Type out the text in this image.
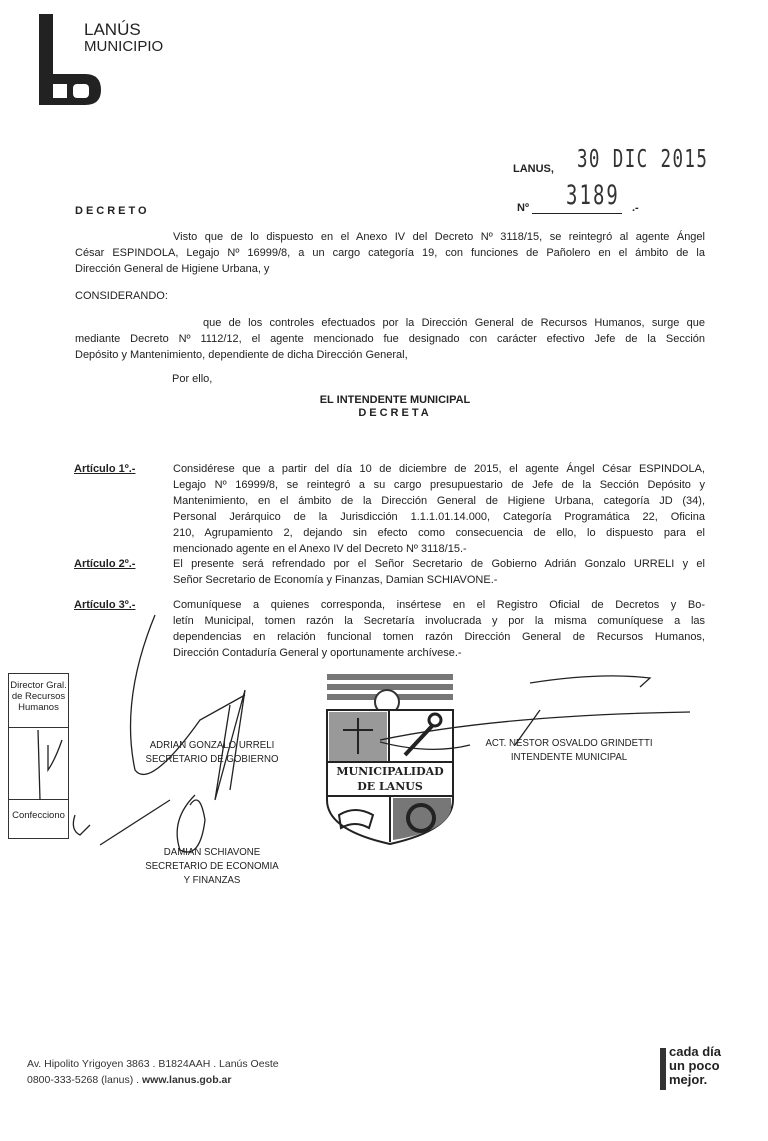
LANÚS
MUNICIPIO
LANUS, 30 DIC 2015
Nº 3189 .-
DECRETO
Visto que de lo dispuesto en el Anexo IV del Decreto Nº 3118/15, se reintegró al agente Ángel
César ESPINDOLA, Legajo Nº 16999/8, a un cargo categoría 19, con funciones de Pañolero en el ámbito de la
Dirección General de Higiene Urbana, y
CONSIDERANDO:
que de los controles efectuados por la Dirección General de Recursos Humanos, surge que
mediante Decreto Nº 1112/12, el agente mencionado fue designado con carácter efectivo Jefe de la Sección
Depósito y Mantenimiento, dependiente de dicha Dirección General,
Por ello,
EL INTENDENTE MUNICIPAL
DECRETA
Artículo 1º.-	Considérese que a partir del día 10 de diciembre de 2015, el agente Ángel César ESPINDOLA,
Legajo Nº 16999/8, se reintegró a su cargo presupuestario de Jefe de la Sección Depósito y
Mantenimiento, en el ámbito de la Dirección General de Higiene Urbana, categoría JD (34),
Personal Jerárquico de la Jurisdicción 1.1.1.01.14.000, Categoría Programática 22, Oficina
210, Agrupamiento 2, dejando sin efecto como consecuencia de ello, lo dispuesto para el
mencionado agente en el Anexo IV del Decreto Nº 3118/15.-
Artículo 2º.-	El presente será refrendado por el Señor Secretario de Gobierno Adrián Gonzalo URRELI y el
Señor Secretario de Economía y Finanzas, Damian SCHIAVONE.-
Artículo 3º.-	Comuníquese a quienes corresponda, insértese en el Registro Oficial de Decretos y Bo-
letín Municipal, tomen razón la Secretaría involucrada y por la misma comuníquese a las
dependencias en relación funcional tomen razón Dirección General de Recursos Humanos,
Dirección Contaduría General y oportunamente archívese.-
Director Gral.
de Recursos
Humanos
Confecciono
MUNICIPALIDAD
DE LANUS
ADRIAN GONZALO URRELI
SECRETARIO DE GOBIERNO
ACT. NESTOR OSVALDO GRINDETTI
INTENDENTE MUNICIPAL
DAMIAN SCHIAVONE
SECRETARIO DE ECONOMIA
Y FINANZAS
Av. Hipolito Yrigoyen 3863 . B1824AAH . Lanús Oeste
0800-333-5268 (lanus) . www.lanus.gob.ar
cada día
un poco
mejor.
